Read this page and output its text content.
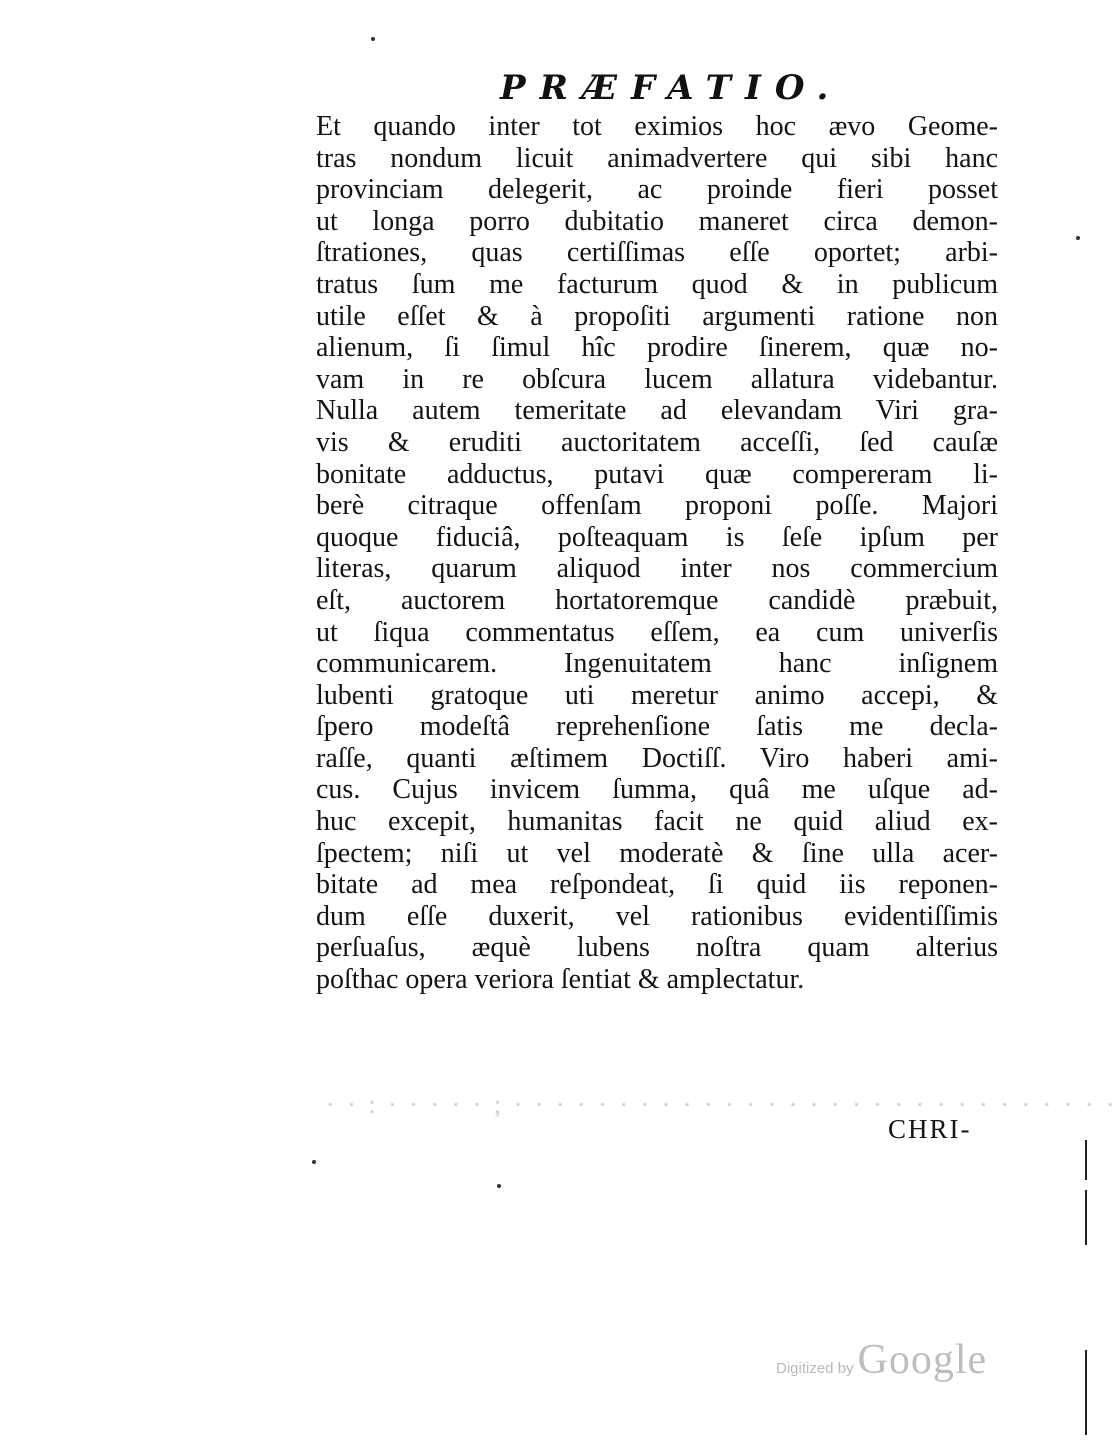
PRÆFATIO.
Et quando inter tot eximios hoc ævo Geome-
tras nondum licuit animadvertere qui sibi hanc
provinciam delegerit, ac proinde fieri posset
ut longa porro dubitatio maneret circa demon-
ſtrationes, quas certiſſimas eſſe oportet; arbi-
tratus ſum me facturum quod & in publicum
utile eſſet & à propoſiti argumenti ratione non
alienum, ſi ſimul hîc prodire ſinerem, quæ no-
vam in re obſcura lucem allatura videbantur.
Nulla autem temeritate ad elevandam Viri gra-
vis & eruditi auctoritatem acceſſi, ſed cauſæ
bonitate adductus, putavi quæ compereram li-
berè citraque offenſam proponi poſſe. Majori
quoque fiduciâ, poſteaquam is ſeſe ipſum per
literas, quarum aliquod inter nos commercium
eſt, auctorem hortatoremque candidè præbuit,
ut ſiqua commentatus eſſem, ea cum univerſis
communicarem. Ingenuitatem hanc inſignem
lubenti gratoque uti meretur animo accepi, &
ſpero modeſtâ reprehenſione ſatis me decla-
raſſe, quanti æſtimem Doctiſſ. Viro haberi ami-
cus. Cujus invicem ſumma, quâ me uſque ad-
huc excepit, humanitas facit ne quid aliud ex-
ſpectem; niſi ut vel moderatè & ſine ulla acer-
bitate ad mea reſpondeat, ſi quid iis reponen-
dum eſſe duxerit, vel rationibus evidentiſſimis
perſuaſus, æquè lubens noſtra quam alterius
poſthac opera veriora ſentiat & amplectatur.
· · : · · · · · ; · · · · · · · · · · · · · · · · · · · · · · · · · · · · ·
CHRI-
Digitized by Google
